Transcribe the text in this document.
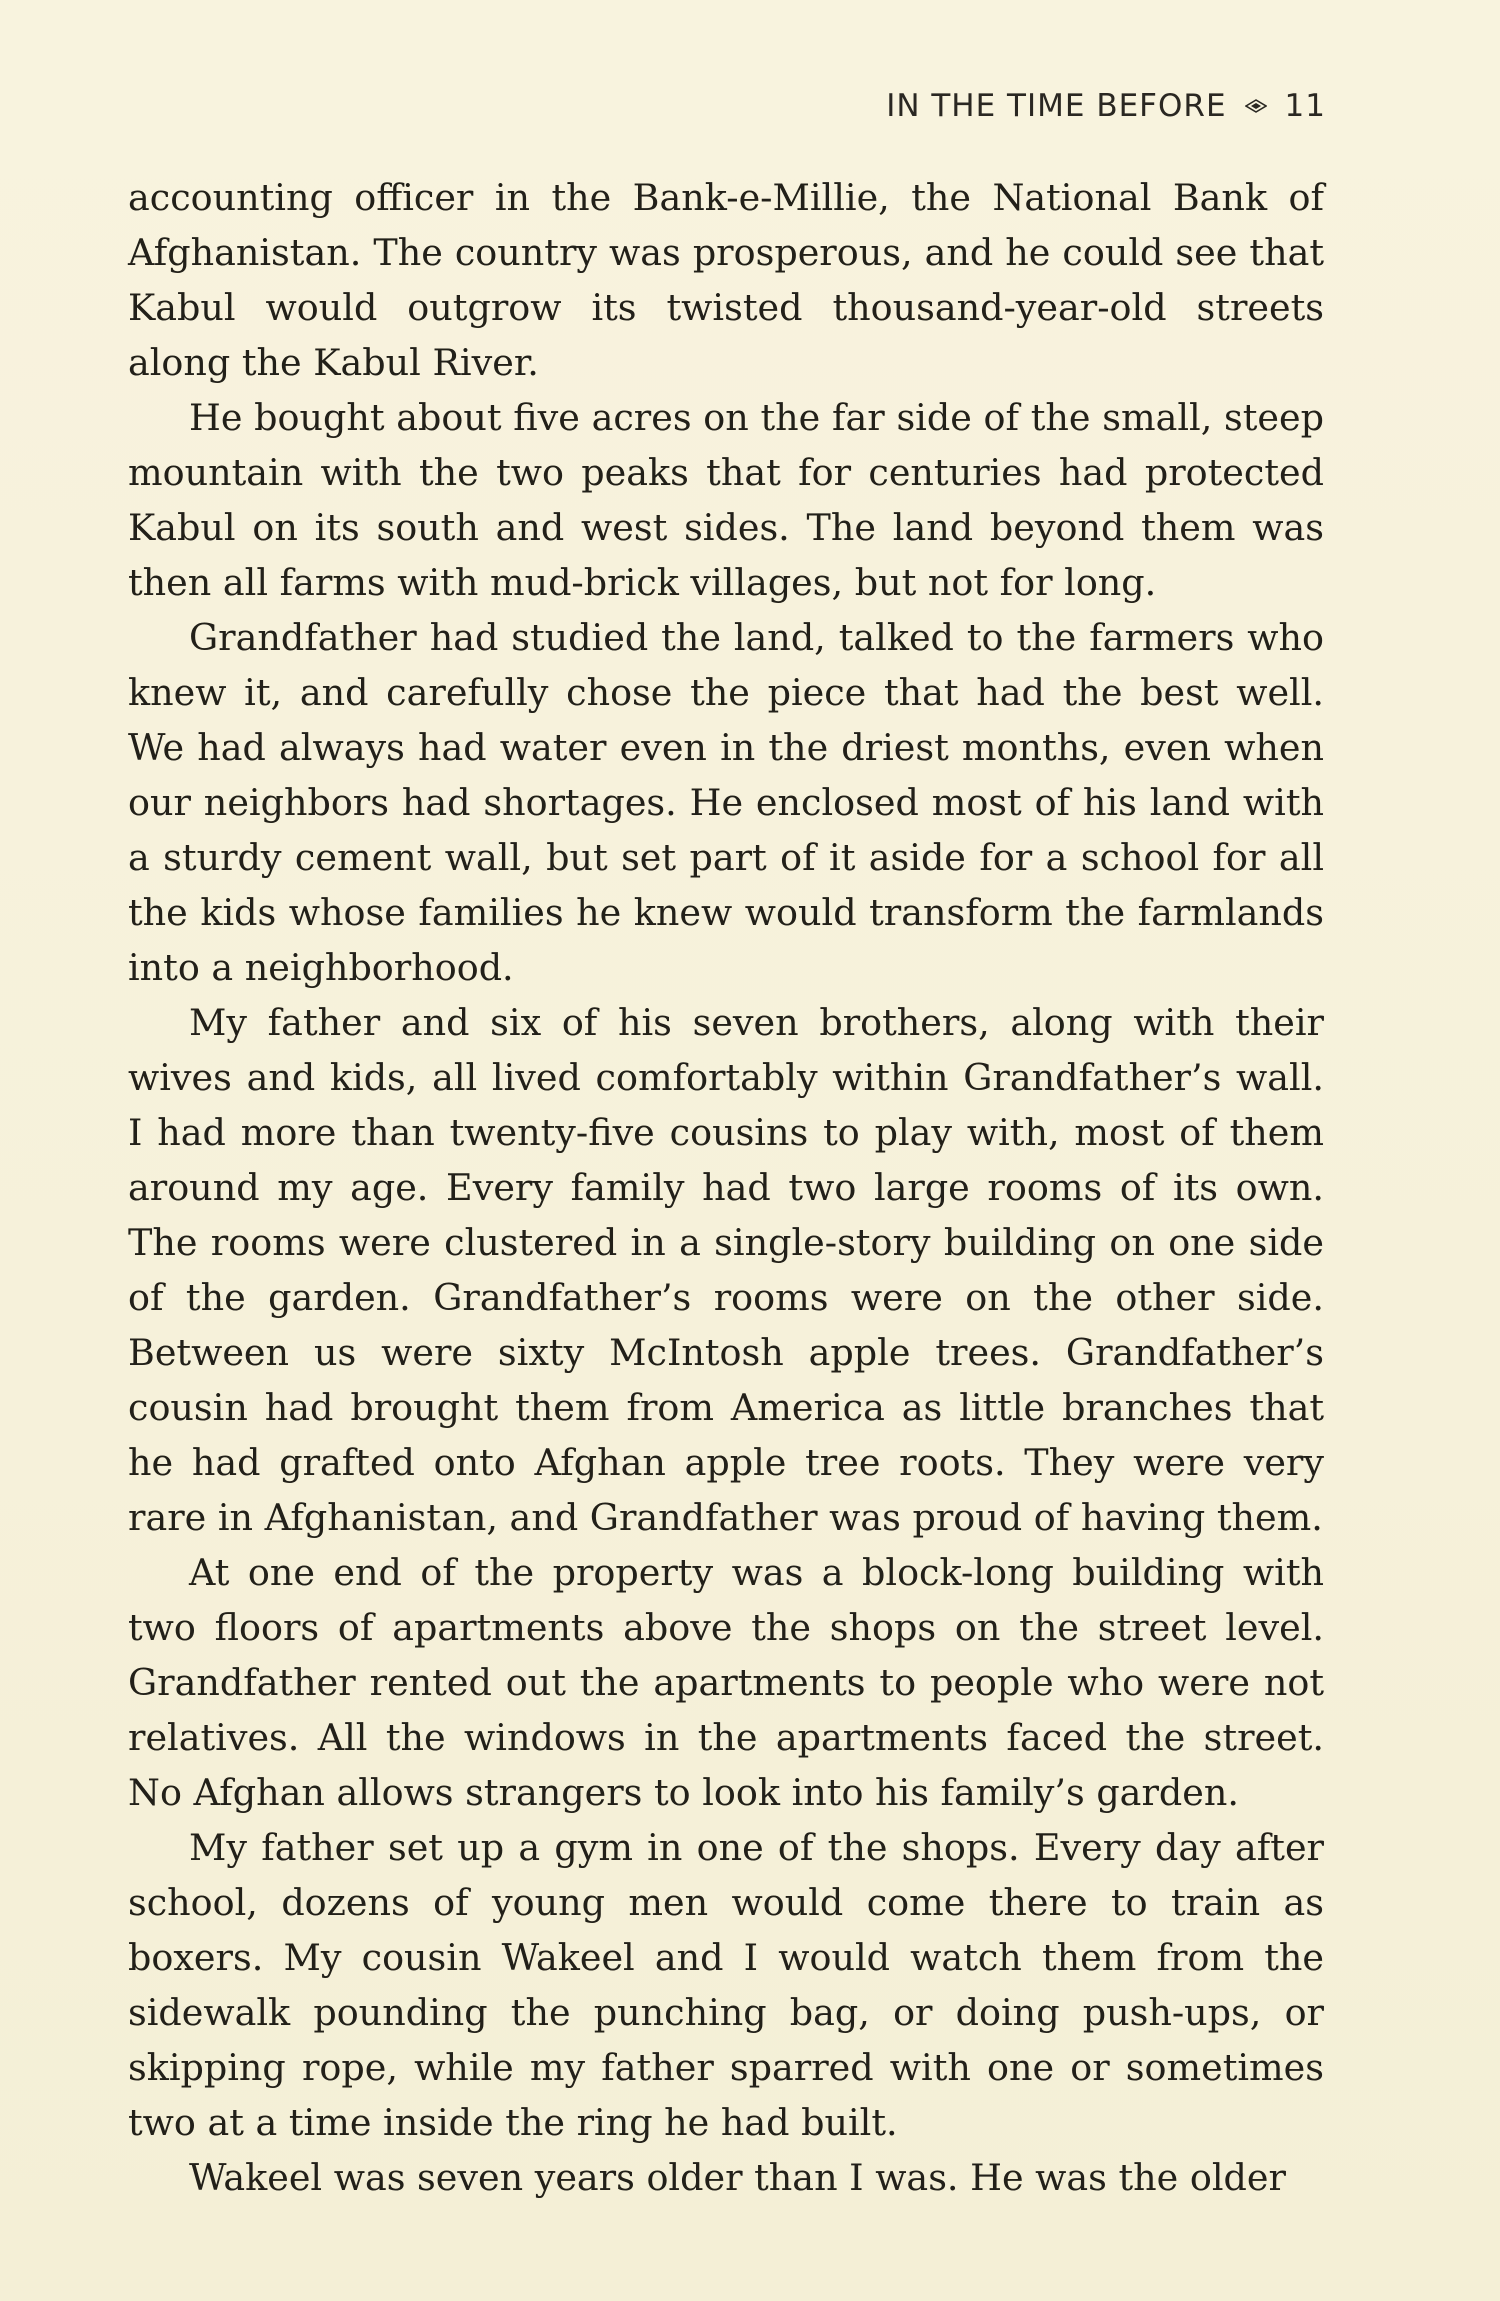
IN THE TIME BEFORE 11

accounting officer in the Bank-e-Millie, the National Bank of Afghanistan. The country was prosperous, and he could see that Kabul would outgrow its twisted thousand-year-old streets along the Kabul River.

He bought about five acres on the far side of the small, steep mountain with the two peaks that for centuries had protected Kabul on its south and west sides. The land beyond them was then all farms with mud-brick villages, but not for long.

Grandfather had studied the land, talked to the farmers who knew it, and carefully chose the piece that had the best well. We had always had water even in the driest months, even when our neighbors had shortages. He enclosed most of his land with a sturdy cement wall, but set part of it aside for a school for all the kids whose families he knew would transform the farmlands into a neighborhood.

My father and six of his seven brothers, along with their wives and kids, all lived comfortably within Grandfather’s wall. I had more than twenty-five cousins to play with, most of them around my age. Every family had two large rooms of its own. The rooms were clustered in a single-story building on one side of the garden. Grandfather’s rooms were on the other side. Between us were sixty McIntosh apple trees. Grandfather’s cousin had brought them from America as little branches that he had grafted onto Afghan apple tree roots. They were very rare in Afghanistan, and Grandfather was proud of having them.

At one end of the property was a block-long building with two floors of apartments above the shops on the street level. Grandfather rented out the apartments to people who were not relatives. All the windows in the apartments faced the street. No Afghan allows strangers to look into his family’s garden.

My father set up a gym in one of the shops. Every day after school, dozens of young men would come there to train as boxers. My cousin Wakeel and I would watch them from the sidewalk pounding the punching bag, or doing push-ups, or skipping rope, while my father sparred with one or sometimes two at a time inside the ring he had built.

Wakeel was seven years older than I was. He was the older
